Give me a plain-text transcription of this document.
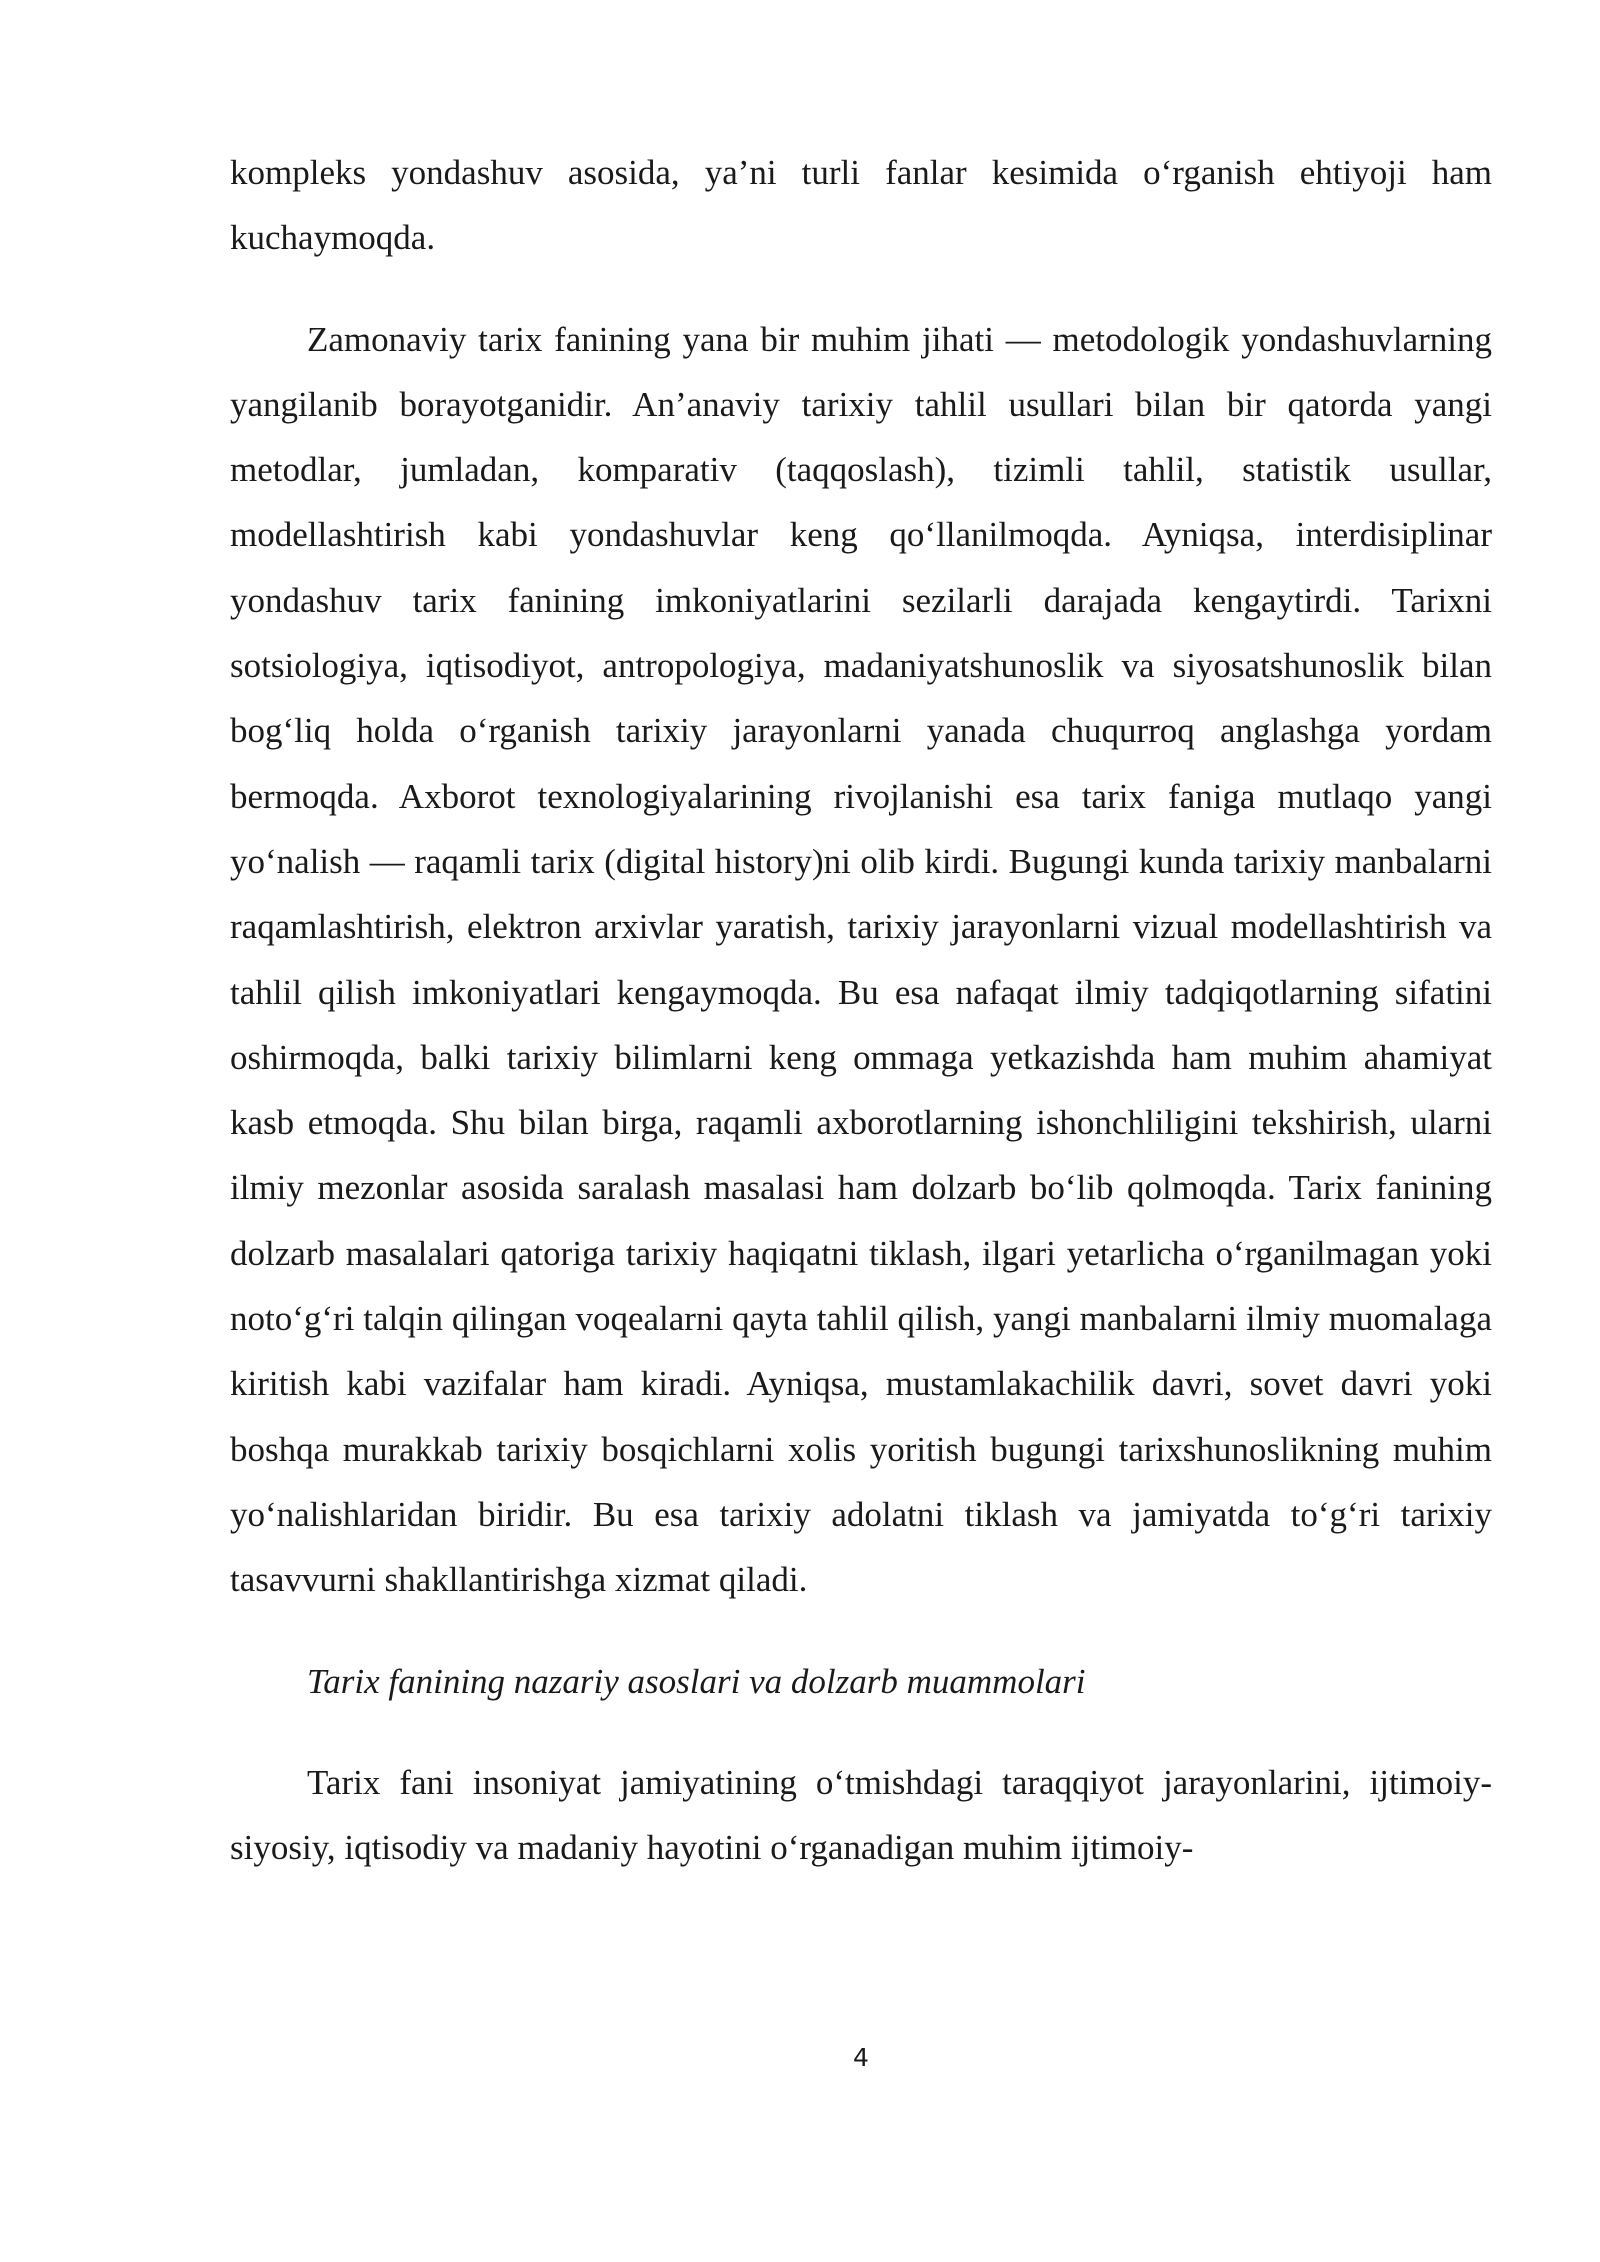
kompleks yondashuv asosida, ya’ni turli fanlar kesimida o‘rganish ehtiyoji ham kuchaymoqda.

Zamonaviy tarix fanining yana bir muhim jihati — metodologik yondashuvlarning yangilanib borayotganidir. An’anaviy tarixiy tahlil usullari bilan bir qatorda yangi metodlar, jumladan, komparativ (taqqoslash), tizimli tahlil, statistik usullar, modellashtirish kabi yondashuvlar keng qo‘llanilmoqda. Ayniqsa, interdisiplinar yondashuv tarix fanining imkoniyatlarini sezilarli darajada kengaytirdi. Tarixni sotsiologiya, iqtisodiyot, antropologiya, madaniyatshunoslik va siyosatshunoslik bilan bog‘liq holda o‘rganish tarixiy jarayonlarni yanada chuqurroq anglashga yordam bermoqda. Axborot texnologiyalarining rivojlanishi esa tarix faniga mutlaqo yangi yo‘nalish — raqamli tarix (digital history)ni olib kirdi. Bugungi kunda tarixiy manbalarni raqamlashtirish, elektron arxivlar yaratish, tarixiy jarayonlarni vizual modellashtirish va tahlil qilish imkoniyatlari kengaymoqda. Bu esa nafaqat ilmiy tadqiqotlarning sifatini oshirmoqda, balki tarixiy bilimlarni keng ommaga yetkazishda ham muhim ahamiyat kasb etmoqda. Shu bilan birga, raqamli axborotlarning ishonchliligini tekshirish, ularni ilmiy mezonlar asosida saralash masalasi ham dolzarb bo‘lib qolmoqda. Tarix fanining dolzarb masalalari qatoriga tarixiy haqiqatni tiklash, ilgari yetarlicha o‘rganilmagan yoki noto‘g‘ri talqin qilingan voqealarni qayta tahlil qilish, yangi manbalarni ilmiy muomalaga kiritish kabi vazifalar ham kiradi. Ayniqsa, mustamlakachilik davri, sovet davri yoki boshqa murakkab tarixiy bosqichlarni xolis yoritish bugungi tarixshunoslikning muhim yo‘nalishlaridan biridir. Bu esa tarixiy adolatni tiklash va jamiyatda to‘g‘ri tarixiy tasavvurni shakllantirishga xizmat qiladi.

Tarix fanining nazariy asoslari va dolzarb muammolari

Tarix fani insoniyat jamiyatining o‘tmishdagi taraqqiyot jarayonlarini, ijtimoiy-siyosiy, iqtisodiy va madaniy hayotini o‘rganadigan muhim ijtimoiy-

4
